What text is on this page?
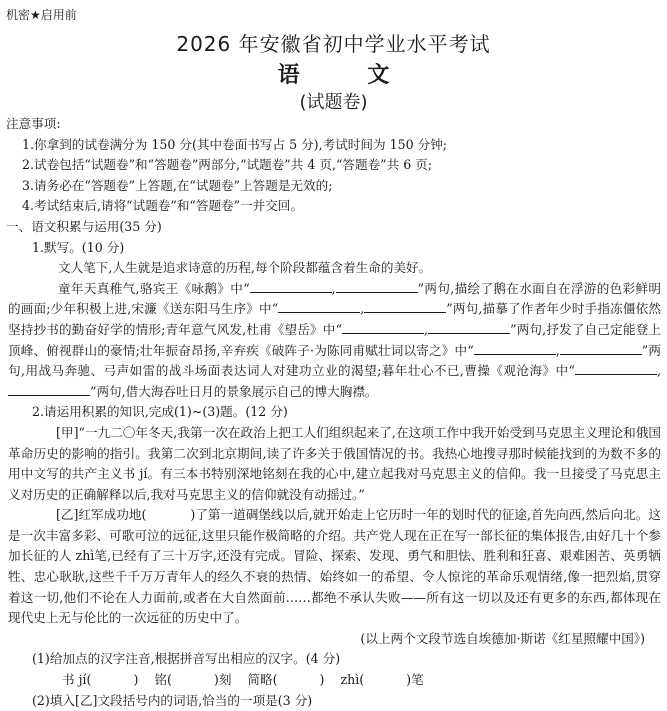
机密★启用前
2026 年安徽省初中学业水平考试
语 文
(试题卷)

注意事项:

1.你拿到的试卷满分为 150 分(其中卷面书写占 5 分),考试时间为 150 分钟;

2.试卷包括“试题卷”和“答题卷”两部分,“试题卷”共 4 页,“答题卷”共 6 页;

3.请务必在“答题卷”上答题,在“试题卷”上答题是无效的;

4.考试结束后,请将“试题卷”和“答题卷”一并交回。

一、语文积累与运用(35 分)

1.默写。(10 分)

文人笔下,人生就是追求诗意的历程,每个阶段都蕴含着生命的美好。

童年天真稚气,骆宾王《咏鹅》中“	,	”两句,描绘了鹅在水面自在浮游的色彩鲜明的画面;少年积极上进,宋濂《送东阳马生序》中“	,	”两句,描摹了作者年少时手指冻僵依然坚持抄书的勤奋好学的情形;青年意气风发,杜甫《望岳》中“	,	”两句,抒发了自己定能登上顶峰、俯视群山的豪情;壮年振奋昂扬,辛弃疾《破阵子·为陈同甫赋壮词以寄之》中“	,	”两句,用战马奔驰、弓声如雷的战斗场面表达词人对建功立业的渴望;暮年壮心不已,曹操《观沧海》中“	,”两句,借大海吞吐日月的景象展示自己的博大胸襟。

2.请运用积累的知识,完成(1)~(3)题。(12 分)

[甲]“一九二〇年冬天,我第一次在政治上把工人们组织起来了,在这项工作中我开始受到马克思主义理论和俄国革命历史的影响的指引。我第二次到北京期间,读了许多关于俄国情况的书。我热心地搜寻那时候能找到的为数不多的用中文写的共产主义书 jí。有三本书特别深地铭刻在我的心中,建立起我对马克思主义的信仰。我一旦接受了马克思主义对历史的正确解释以后,我对马克思主义的信仰就没有动摇过。”

[乙]红军成功地(	)了第一道碉堡线以后,就开始走上它历时一年的划时代的征途,首先向西,然后向北。这是一次丰富多彩、可歌可泣的远征,这里只能作极简略的介绍。共产党人现在正在写一部长征的集体报告,由好几十个参加长征的人 zhì笔,已经有了三十万字,还没有完成。冒险、探索、发现、勇气和胆怯、胜利和狂喜、艰难困苦、英勇牺牲、忠心耿耿,这些千千万万青年人的经久不衰的热情、始终如一的希望、令人惊诧的革命乐观情绪,像一把烈焰,贯穿着这一切,他们不论在人力面前,或者在大自然面前……都绝不承认失败——所有这一切以及还有更多的东西,都体现在现代史上无与伦比的一次远征的历史中了。

(以上两个文段节选自埃德加·斯诺《红星照耀中国》)

(1)给加点的汉字注音,根据拼音写出相应的汉字。(4 分)

书 jí(	) 铭(	)刻 简略(	) zhì(	)笔

(2)填入[乙]文段括号内的词语,恰当的一项是(3 分)
